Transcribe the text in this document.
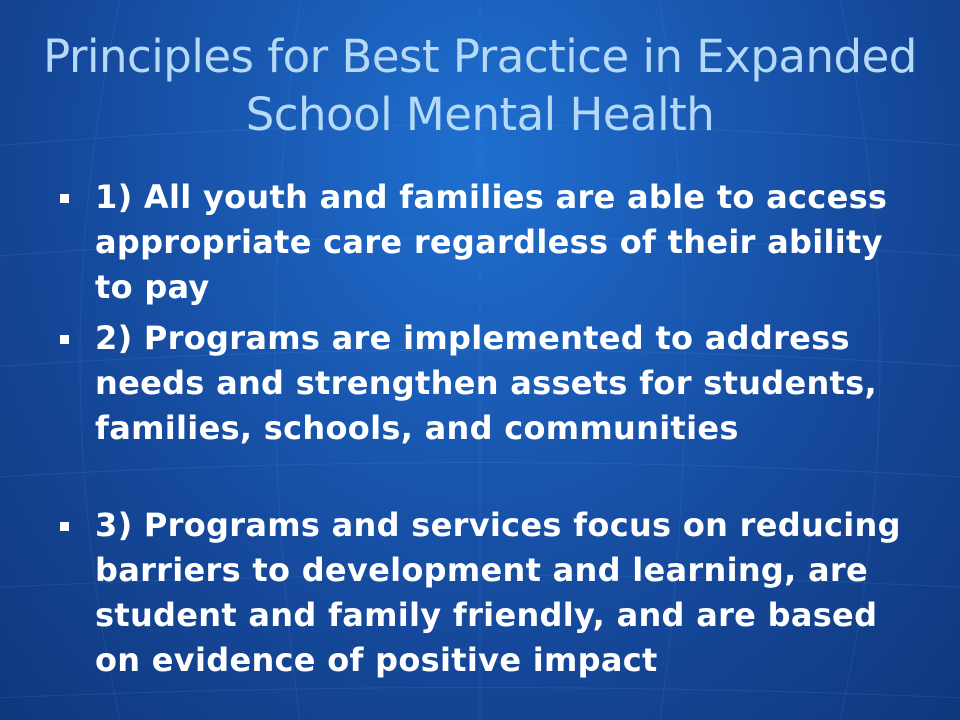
Principles for Best Practice in Expanded School Mental Health
1) All youth and families are able to access appropriate care regardless of their ability to pay
2) Programs are implemented to address needs and strengthen assets for students, families, schools, and communities
3) Programs and services focus on reducing barriers to development and learning, are student and family friendly, and are based on evidence of positive impact
